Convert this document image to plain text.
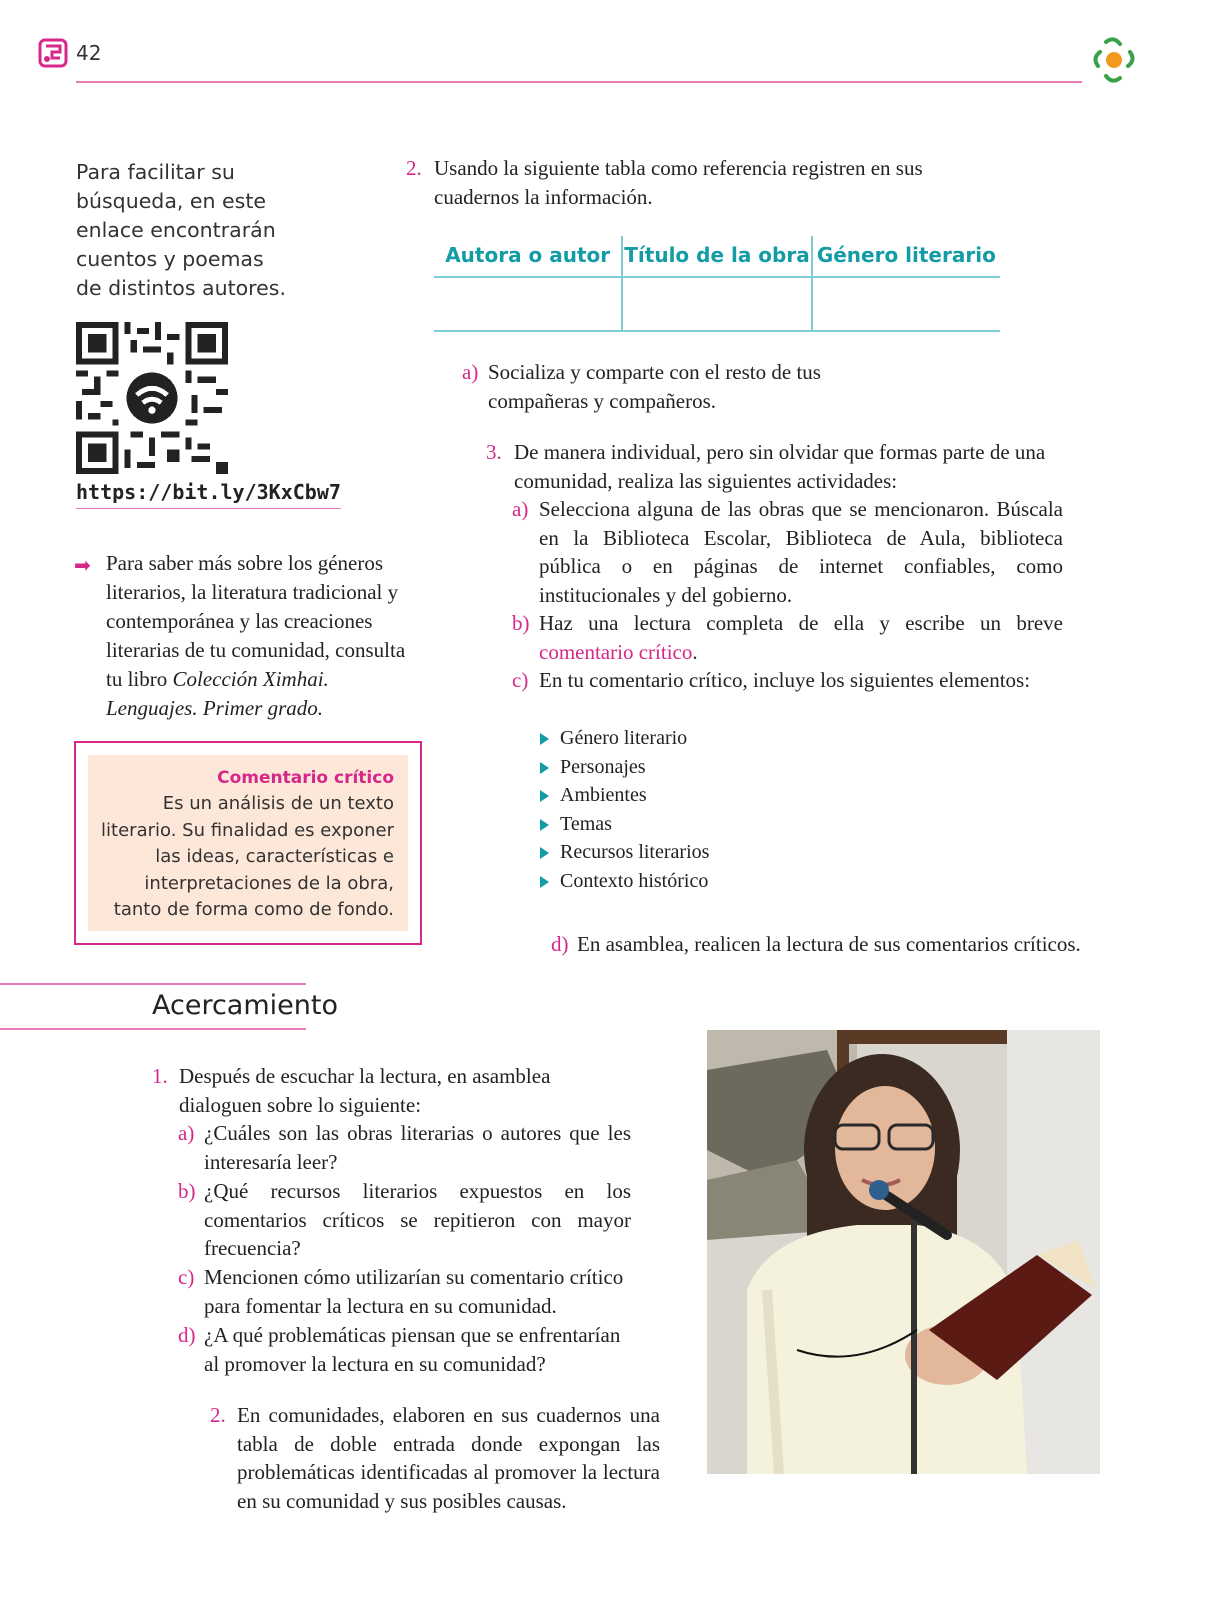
42
Para facilitar su búsqueda, en este enlace encontrarán cuentos y poemas de distintos autores.
https://bit.ly/3KxCbw7
➡ Para saber más sobre los géneros literarios, la literatura tradicional y contemporánea y las creaciones literarias de tu comunidad, consulta tu libro Colección Ximhai. Lenguajes. Primer grado.
Comentario crítico
Es un análisis de un texto literario. Su finalidad es exponer las ideas, características e interpretaciones de la obra, tanto de forma como de fondo.
2. Usando la siguiente tabla como referencia registren en sus cuadernos la información.
Autora o autor Título de la obra Género literario
a) Socializa y comparte con el resto de tus compañeras y compañeros.
3. De manera individual, pero sin olvidar que formas parte de una comunidad, realiza las siguientes actividades:
a) Selecciona alguna de las obras que se mencionaron. Búscala en la Biblioteca Escolar, Biblioteca de Aula, biblioteca pública o en páginas de internet confiables, como institucionales y del gobierno.
b) Haz una lectura completa de ella y escribe un breve comentario crítico.
c) En tu comentario crítico, incluye los siguientes elementos:
Género literario
Personajes
Ambientes
Temas
Recursos literarios
Contexto histórico
d) En asamblea, realicen la lectura de sus comentarios críticos.
Acercamiento
1. Después de escuchar la lectura, en asamblea dialoguen sobre lo siguiente:
a) ¿Cuáles son las obras literarias o autores que les interesaría leer?
b) ¿Qué recursos literarios expuestos en los comentarios críticos se repitieron con mayor frecuencia?
c) Mencionen cómo utilizarían su comentario crítico para fomentar la lectura en su comunidad.
d) ¿A qué problemáticas piensan que se enfrentarían al promover la lectura en su comunidad?
2. En comunidades, elaboren en sus cuadernos una tabla de doble entrada donde expongan las problemáticas identificadas al promover la lectura en su comunidad y sus posibles causas.
